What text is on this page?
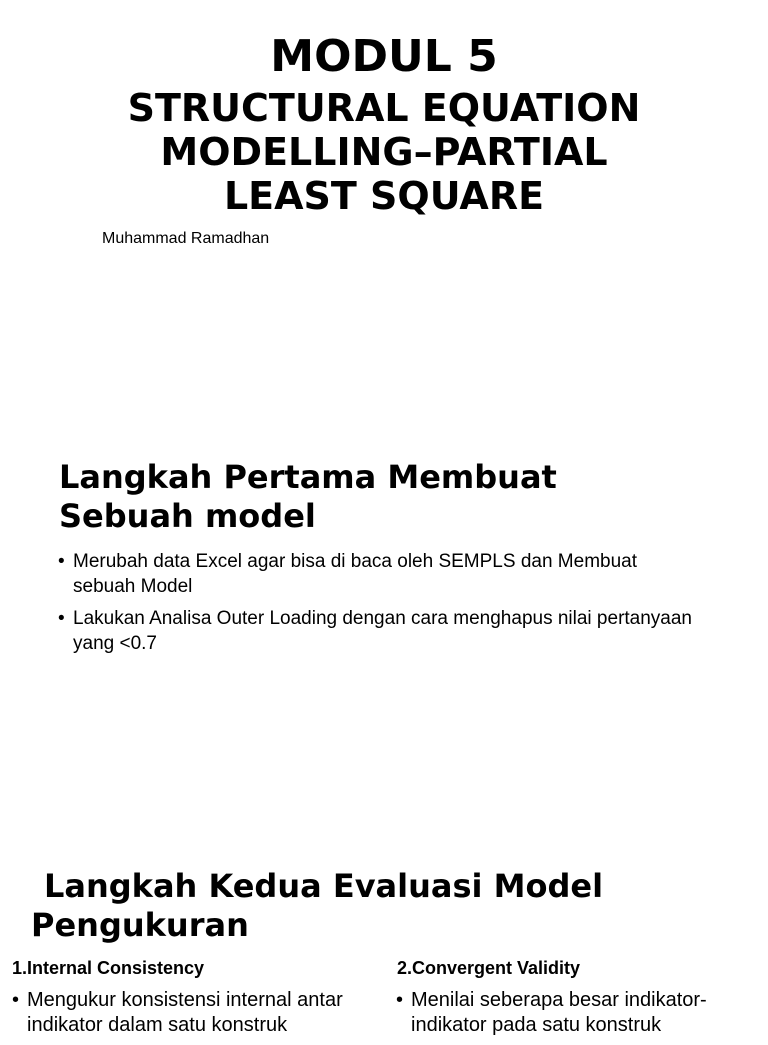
MODUL 5
STRUCTURAL EQUATION
MODELLING–PARTIAL
LEAST SQUARE
Muhammad Ramadhan
Langkah Pertama Membuat
Sebuah model
• Merubah data Excel agar bisa di baca oleh SEMPLS dan Membuat sebuah Model
• Lakukan Analisa Outer Loading dengan cara menghapus nilai pertanyaan yang <0.7
Langkah Kedua Evaluasi Model
Pengukuran
1.Internal Consistency	2.Convergent Validity
• Mengukur konsistensi internal antar indikator dalam satu konstruk
• Menilai seberapa besar indikator-indikator pada satu konstruk
